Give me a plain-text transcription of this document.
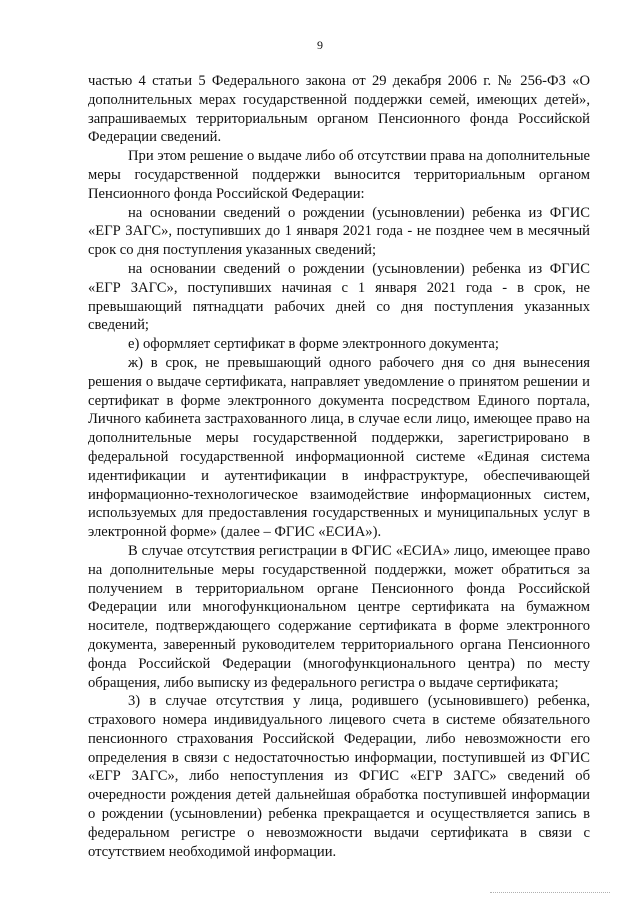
9

частью 4 статьи 5 Федерального закона от 29 декабря 2006 г. № 256-ФЗ «О дополнительных мерах государственной поддержки семей, имеющих детей», запрашиваемых территориальным органом Пенсионного фонда Российской Федерации сведений.

При этом решение о выдаче либо об отсутствии права на дополнительные меры государственной поддержки выносится территориальным органом Пенсионного фонда Российской Федерации:

на основании сведений о рождении (усыновлении) ребенка из ФГИС «ЕГР ЗАГС», поступивших до 1 января 2021 года - не позднее чем в месячный срок со дня поступления указанных сведений;

на основании сведений о рождении (усыновлении) ребенка из ФГИС «ЕГР ЗАГС», поступивших начиная с 1 января 2021 года - в срок, не превышающий пятнадцати рабочих дней со дня поступления указанных сведений;

е) оформляет сертификат в форме электронного документа;

ж) в срок, не превышающий одного рабочего дня со дня вынесения решения о выдаче сертификата, направляет уведомление о принятом решении и сертификат в форме электронного документа посредством Единого портала, Личного кабинета застрахованного лица, в случае если лицо, имеющее право на дополнительные меры государственной поддержки, зарегистрировано в федеральной государственной информационной системе «Единая система идентификации и аутентификации в инфраструктуре, обеспечивающей информационно-технологическое взаимодействие информационных систем, используемых для предоставления государственных и муниципальных услуг в электронной форме» (далее – ФГИС «ЕСИА»).

В случае отсутствия регистрации в ФГИС «ЕСИА» лицо, имеющее право на дополнительные меры государственной поддержки, может обратиться за получением в территориальном органе Пенсионного фонда Российской Федерации или многофункциональном центре сертификата на бумажном носителе, подтверждающего содержание сертификата в форме электронного документа, заверенный руководителем территориального органа Пенсионного фонда Российской Федерации (многофункционального центра) по месту обращения, либо выписку из федерального регистра о выдаче сертификата;

3) в случае отсутствия у лица, родившего (усыновившего) ребенка, страхового номера индивидуального лицевого счета в системе обязательного пенсионного страхования Российской Федерации, либо невозможности его определения в связи с недостаточностью информации, поступившей из ФГИС «ЕГР ЗАГС», либо непоступления из ФГИС «ЕГР ЗАГС» сведений об очередности рождения детей дальнейшая обработка поступившей информации о рождении (усыновлении) ребенка прекращается и осуществляется запись в федеральном регистре о невозможности выдачи сертификата в связи с отсутствием необходимой информации.
